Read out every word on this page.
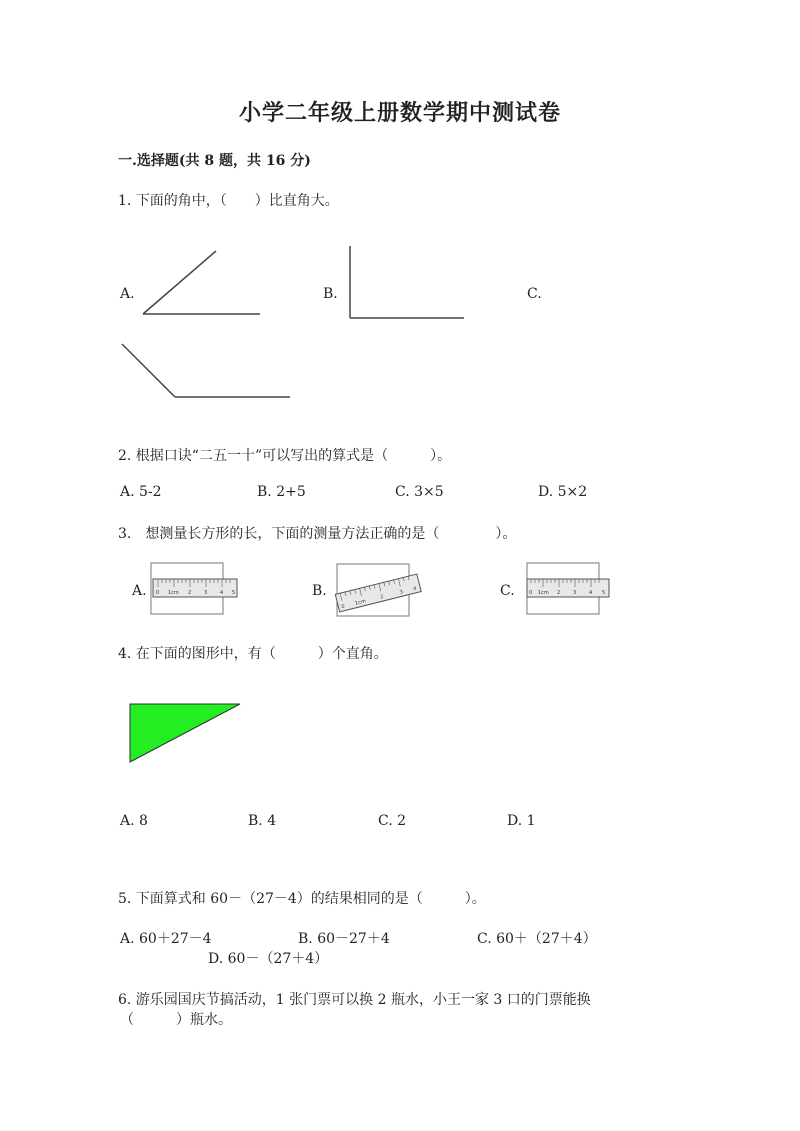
小学二年级上册数学期中测试卷
一.选择题(共 8 题，共 16 分)
1. 下面的角中，（　　）比直角大。
A.	B.	C.
2. 根据口诀“二五一十”可以写出的算式是（　　　）。
A. 5-2	B. 2+5	C. 3×5	D. 5×2
3.　想测量长方形的长，下面的测量方法正确的是（　　　　）。
A. 0 1cm 2	3	4 5	B.
0
1cm
2
3
4	C.	0 1cm 2	3	4 5
4. 在下面的图形中，有（　　　）个直角。
A. 8	B. 4	C. 2	D. 1
5. 下面算式和 60－（27－4）的结果相同的是（　　　）。
A. 60＋27－4	B. 60－27＋4	C. 60＋（27＋4）
D. 60－（27＋4）
6. 游乐园国庆节搞活动，1 张门票可以换 2 瓶水，小王一家 3 口的门票能换
（　　　）瓶水。
